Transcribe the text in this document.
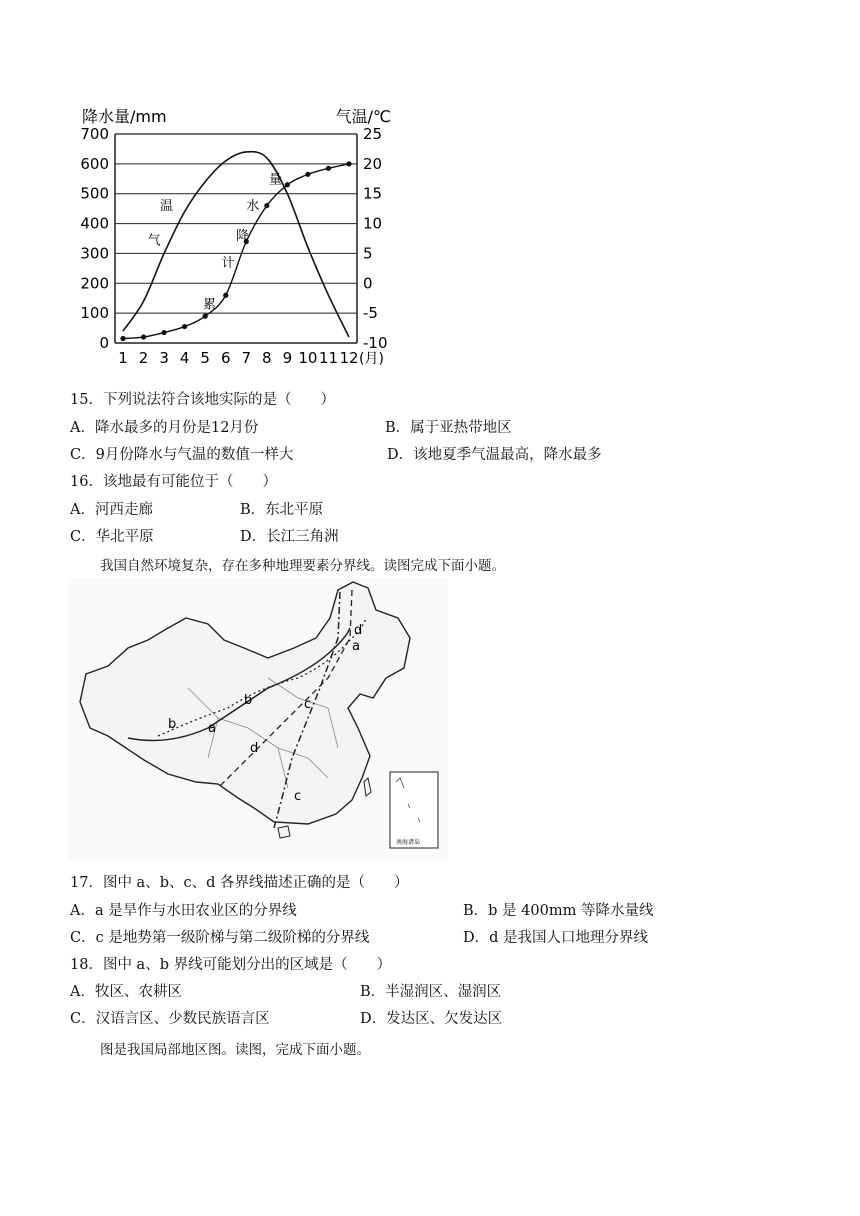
0
100
200
300
400
500
600
700
-10
-5
0
5
10
15
20
25
1 2 3 4 5 6 7 8 9 10 11 12 (月)
降水量/mm	气温/℃
温
气
累
计
降
水
量
15．下列说法符合该地实际的是（　　）
A．降水最多的月份是12月份	B．属于亚热带地区
C．9月份降水与气温的数值一样大	D．该地夏季气温最高，降水最多
16．该地最有可能位于（　　）
A．河西走廊	B．东北平原
C．华北平原	D．长江三角洲
我国自然环境复杂，存在多种地理要素分界线。读图完成下面小题。
b a
d
b	c
c
a
d
南海诸岛
17．图中 a、b、c、d 各界线描述正确的是（　　）
A．a 是旱作与水田农业区的分界线	B．b 是 400mm 等降水量线
C．c 是地势第一级阶梯与第二级阶梯的分界线	D．d 是我国人口地理分界线
18．图中 a、b 界线可能划分出的区域是（　　）
A．牧区、农耕区	B．半湿润区、湿润区
C．汉语言区、少数民族语言区	D．发达区、欠发达区
图是我国局部地区图。读图，完成下面小题。
